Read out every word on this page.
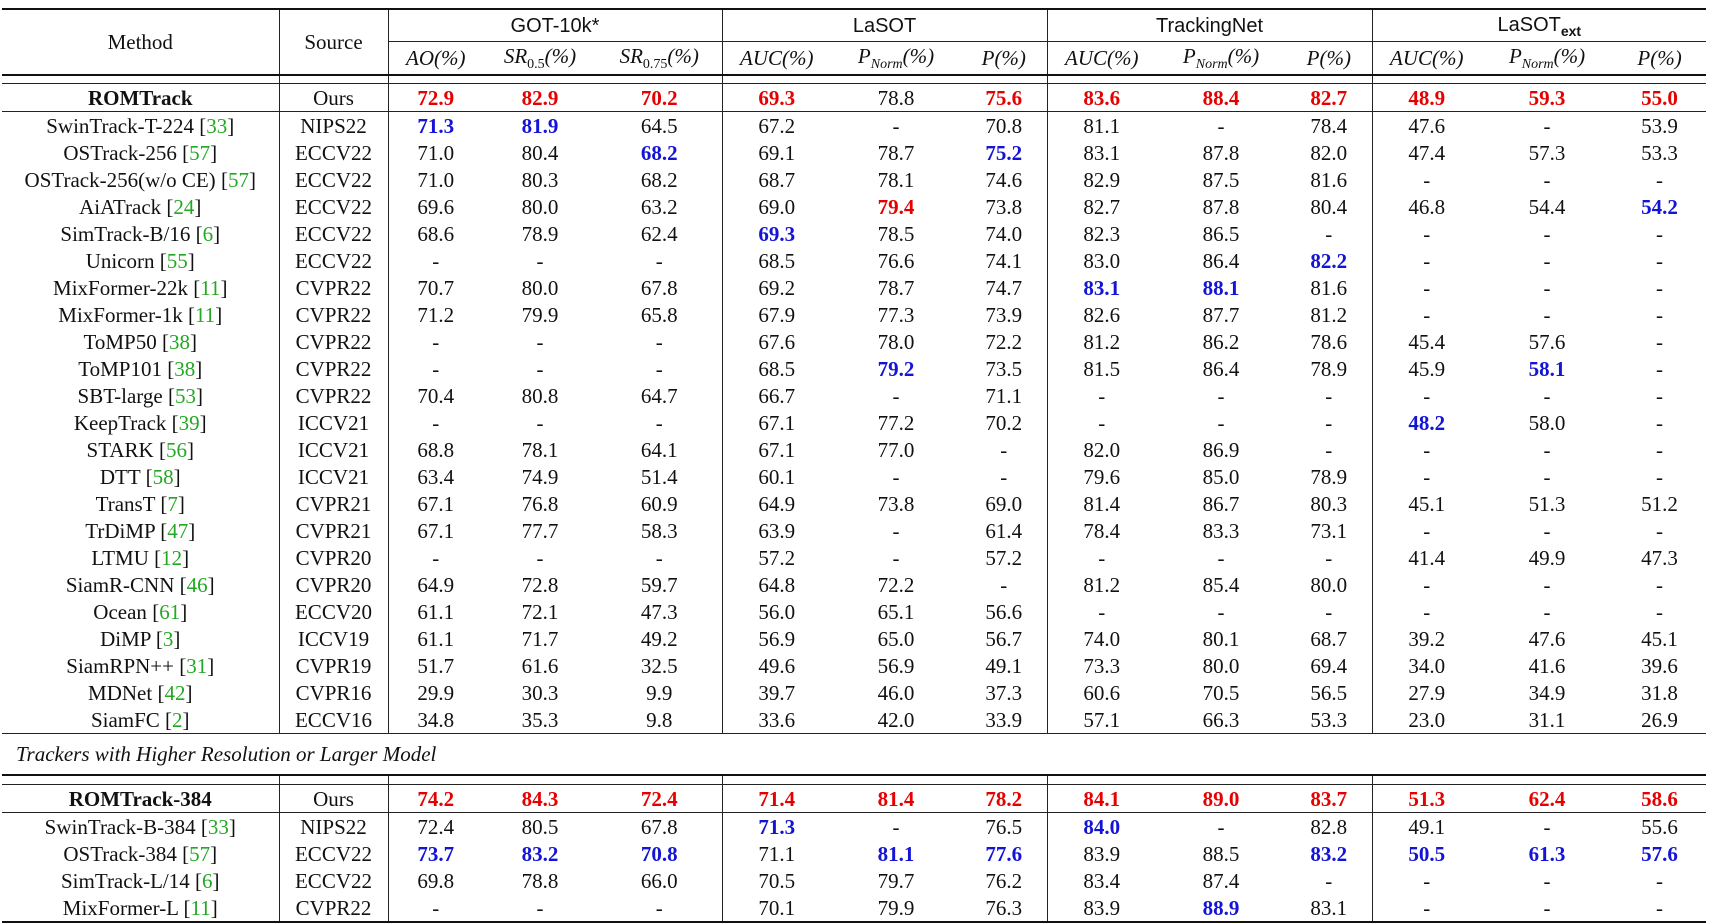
Method	Source	GOT-10k*			LaSOT			TrackingNet			LaSOT$_{ext}$
		AO(%)	$SR_{0.5}(\%)$	$SR_{0.75}(\%)$	AUC(%)	$P_{Norm}(\%)$	P(%)	AUC(%)	$P_{Norm}(\%)$	P(%)	AUC(%)	$P_{Norm}(\%)$	P(%)

ROMTrack	Ours	72.9	82.9	70.2	69.3	78.8	75.6	83.6	88.4	82.7	48.9	59.3	55.0
SwinTrack-T-224 [33]	NIPS22	71.3	81.9	64.5	67.2	-	70.8	81.1	-	78.4	47.6	-	53.9
OSTrack-256 [57]	ECCV22	71.0	80.4	68.2	69.1	78.7	75.2	83.1	87.8	82.0	47.4	57.3	53.3
OSTrack-256(w/o CE) [57]	ECCV22	71.0	80.3	68.2	68.7	78.1	74.6	82.9	87.5	81.6	-	-	-
AiATrack [24]	ECCV22	69.6	80.0	63.2	69.0	79.4	73.8	82.7	87.8	80.4	46.8	54.4	54.2
SimTrack-B/16 [6]	ECCV22	68.6	78.9	62.4	69.3	78.5	74.0	82.3	86.5	-	-	-	-
Unicorn [55]	ECCV22	-	-	-	68.5	76.6	74.1	83.0	86.4	82.2	-	-	-
MixFormer-22k [11]	CVPR22	70.7	80.0	67.8	69.2	78.7	74.7	83.1	88.1	81.6	-	-	-
MixFormer-1k [11]	CVPR22	71.2	79.9	65.8	67.9	77.3	73.9	82.6	87.7	81.2	-	-	-
ToMP50 [38]	CVPR22	-	-	-	67.6	78.0	72.2	81.2	86.2	78.6	45.4	57.6	-
ToMP101 [38]	CVPR22	-	-	-	68.5	79.2	73.5	81.5	86.4	78.9	45.9	58.1	-
SBT-large [53]	CVPR22	70.4	80.8	64.7	66.7	-	71.1	-	-	-	-	-	-
KeepTrack [39]	ICCV21	-	-	-	67.1	77.2	70.2	-	-	-	48.2	58.0	-
STARK [56]	ICCV21	68.8	78.1	64.1	67.1	77.0	-	82.0	86.9	-	-	-	-
DTT [58]	ICCV21	63.4	74.9	51.4	60.1	-	-	79.6	85.0	78.9	-	-	-
TransT [7]	CVPR21	67.1	76.8	60.9	64.9	73.8	69.0	81.4	86.7	80.3	45.1	51.3	51.2
TrDiMP [47]	CVPR21	67.1	77.7	58.3	63.9	-	61.4	78.4	83.3	73.1	-	-	-
LTMU [12]	CVPR20	-	-	-	57.2	-	57.2	-	-	-	41.4	49.9	47.3
SiamR-CNN [46]	CVPR20	64.9	72.8	59.7	64.8	72.2	-	81.2	85.4	80.0	-	-	-
Ocean [61]	ECCV20	61.1	72.1	47.3	56.0	65.1	56.6	-	-	-	-	-	-
DiMP [3]	ICCV19	61.1	71.7	49.2	56.9	65.0	56.7	74.0	80.1	68.7	39.2	47.6	45.1
SiamRPN++ [31]	CVPR19	51.7	61.6	32.5	49.6	56.9	49.1	73.3	80.0	69.4	34.0	41.6	39.6
MDNet [42]	CVPR16	29.9	30.3	9.9	39.7	46.0	37.3	60.6	70.5	56.5	27.9	34.9	31.8
SiamFC [2]	ECCV16	34.8	35.3	9.8	33.6	42.0	33.9	57.1	66.3	53.3	23.0	31.1	26.9
Trackers with Higher Resolution or Larger Model													

ROMTrack-384	Ours	74.2	84.3	72.4	71.4	81.4	78.2	84.1	89.0	83.7	51.3	62.4	58.6
SwinTrack-B-384 [33]	NIPS22	72.4	80.5	67.8	71.3	-	76.5	84.0	-	82.8	49.1	-	55.6
OSTrack-384 [57]	ECCV22	73.7	83.2	70.8	71.1	81.1	77.6	83.9	88.5	83.2	50.5	61.3	57.6
SimTrack-L/14 [6]	ECCV22	69.8	78.8	66.0	70.5	79.7	76.2	83.4	87.4	-	-	-	-
MixFormer-L [11]	CVPR22	-	-	-	70.1	79.9	76.3	83.9	88.9	83.1	-	-	-
